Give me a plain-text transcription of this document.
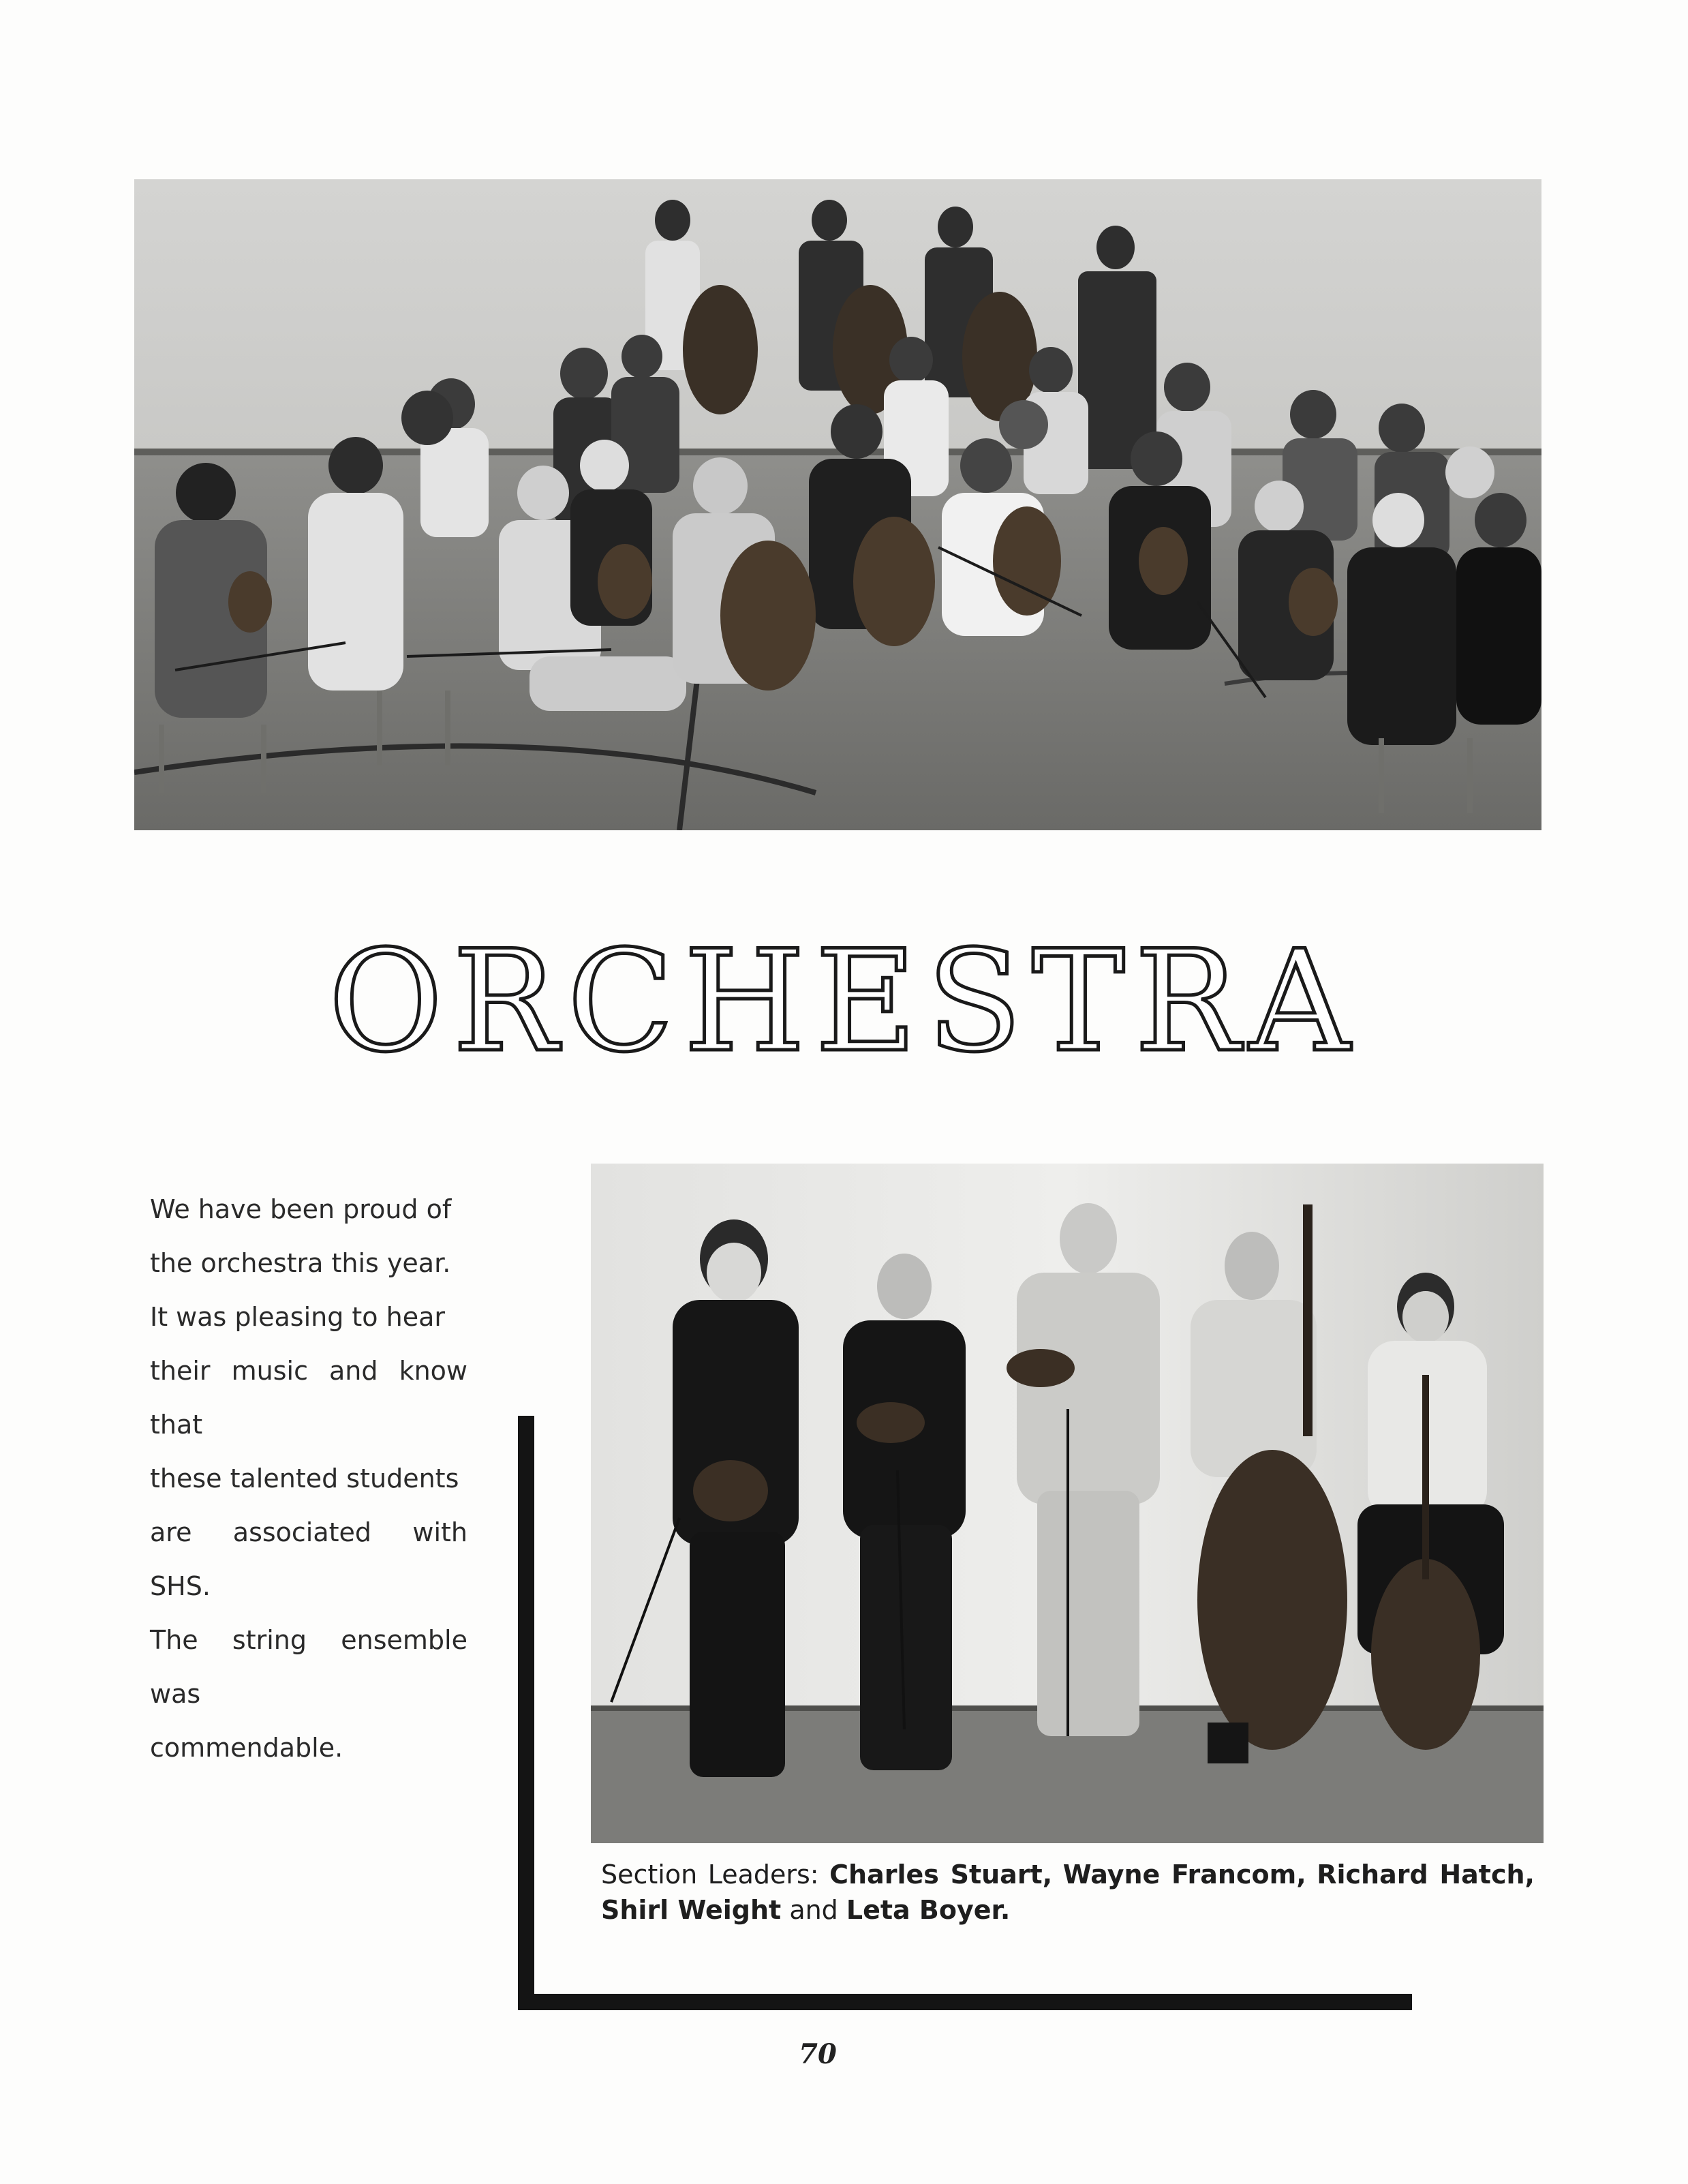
ORCHESTRA
We have been proud of
the orchestra this year.
It was pleasing to hear
their music and know that
these talented students
are associated with SHS.
The string ensemble was
commendable.
Section Leaders: Charles Stuart, Wayne Francom, Richard Hatch, Shirl Weight and Leta Boyer.
70
